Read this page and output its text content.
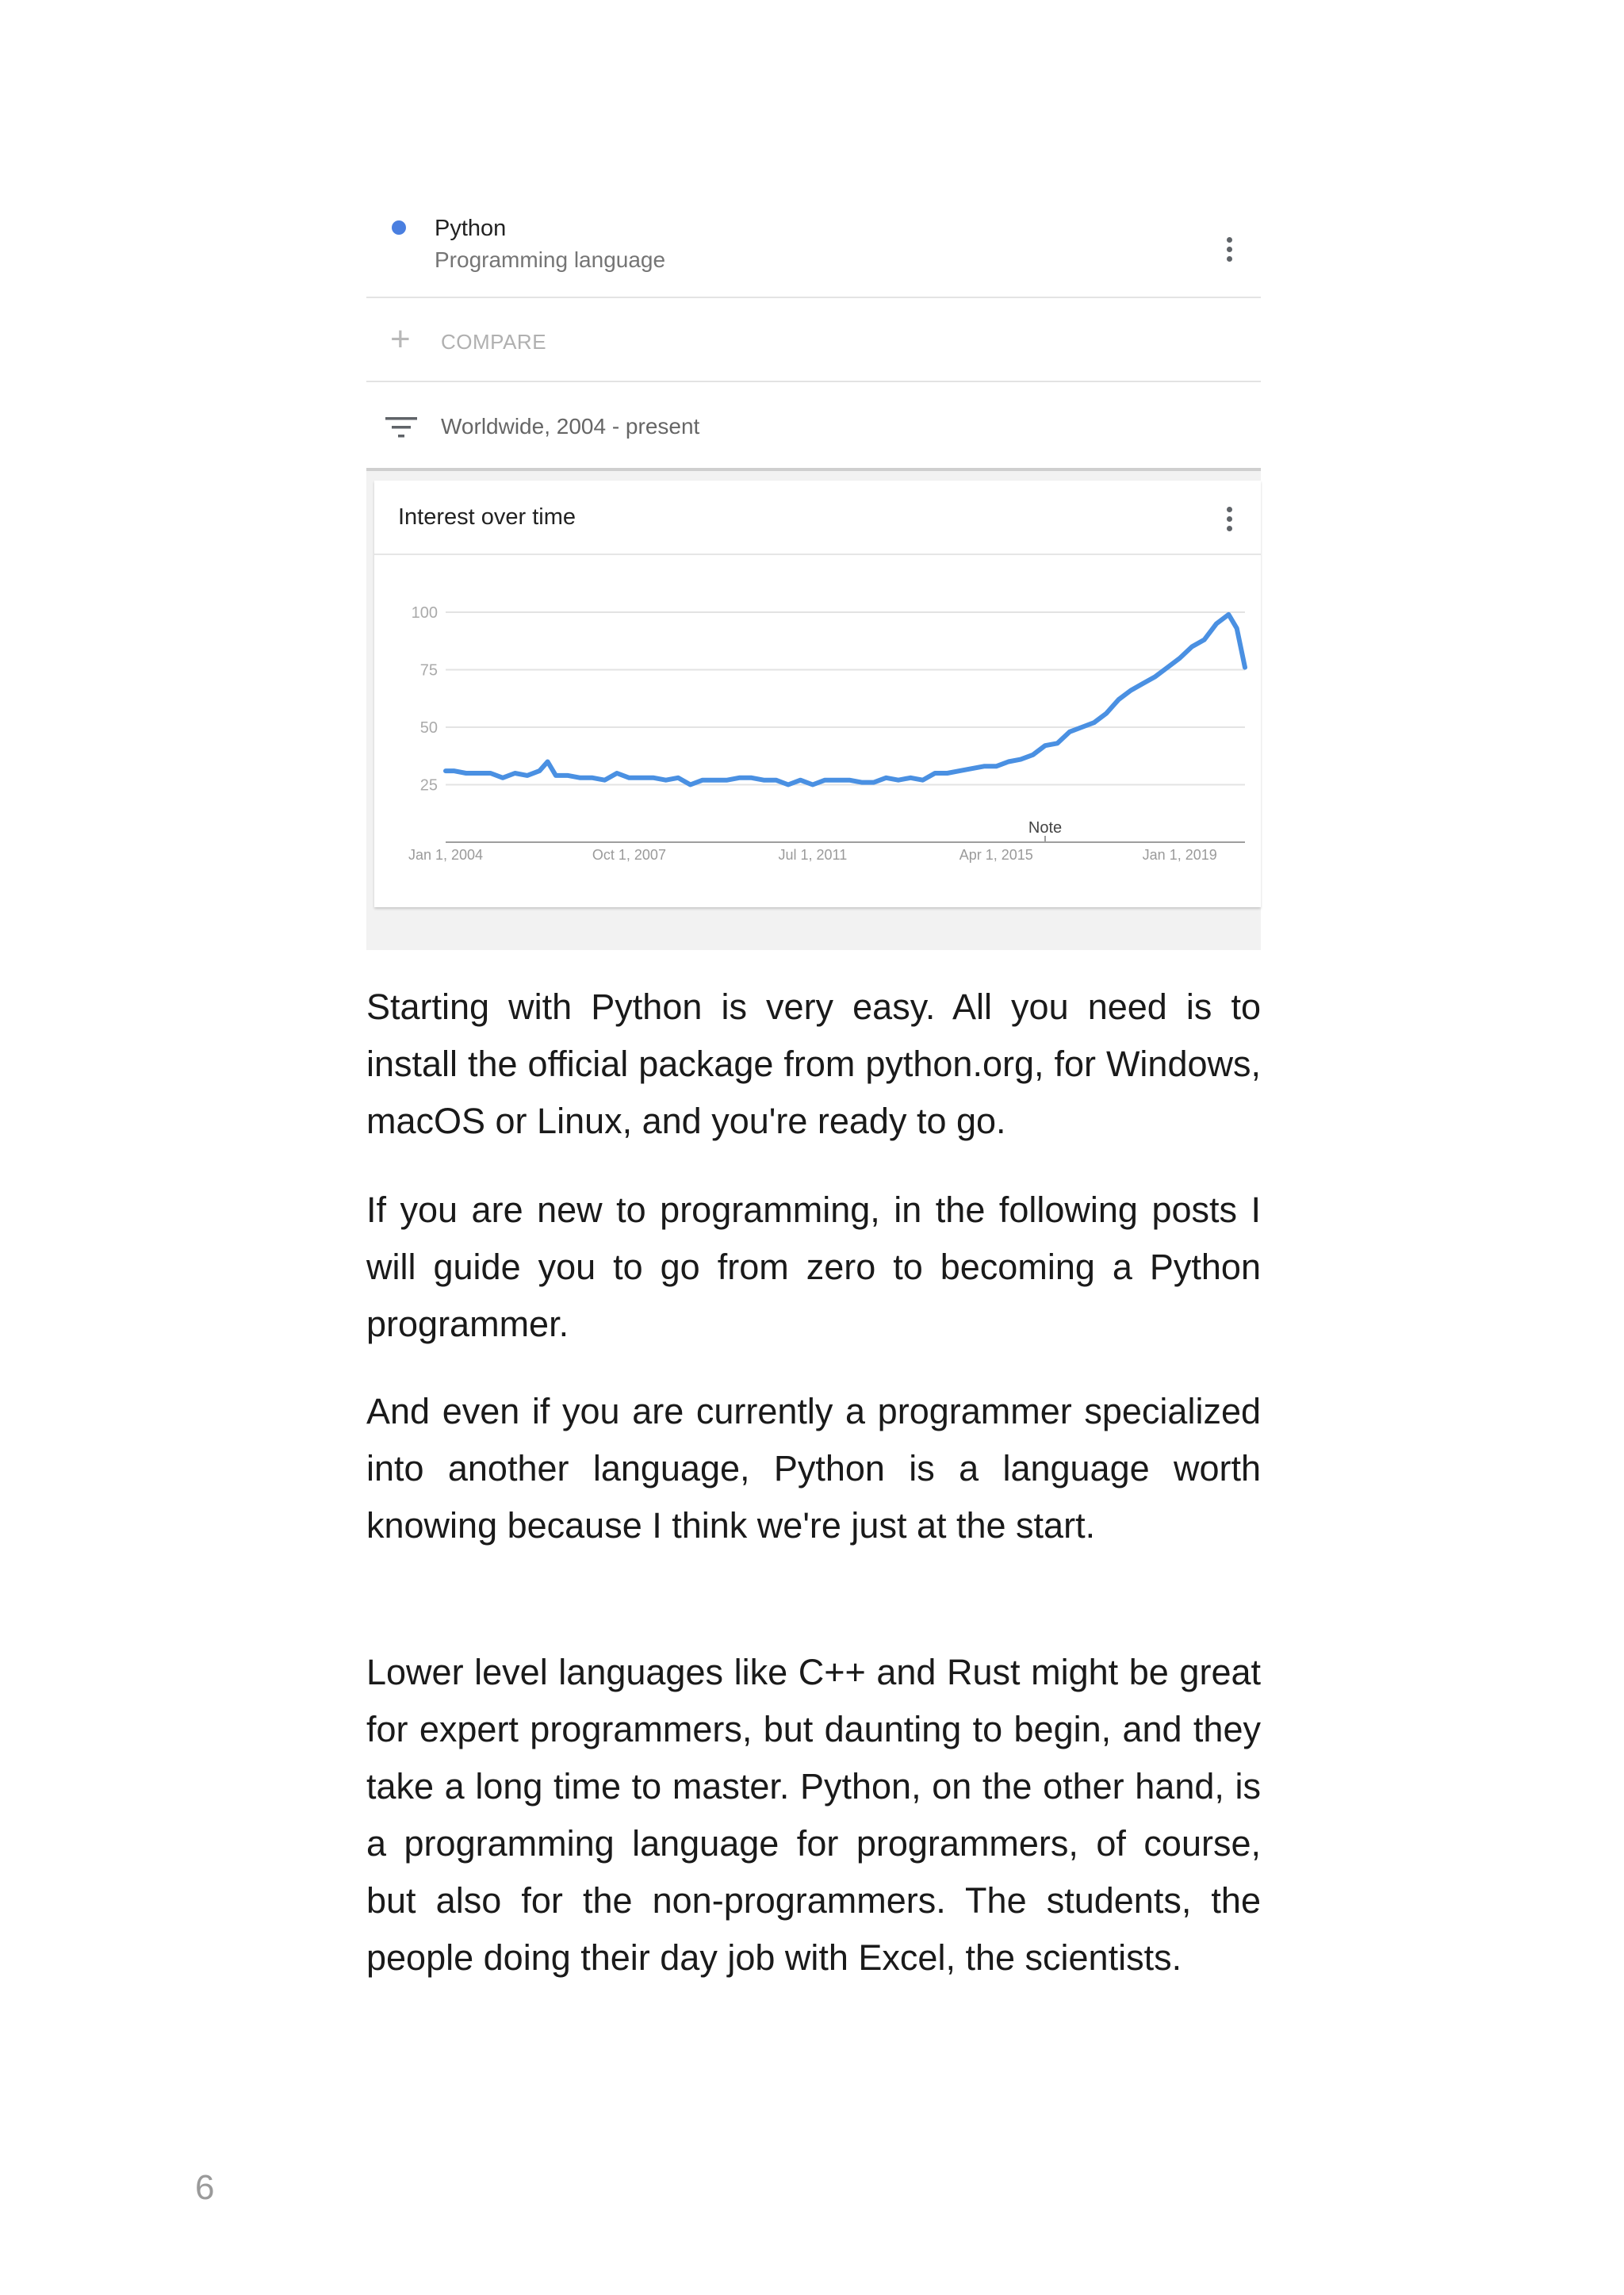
Python
Programming language
+ COMPARE
Worldwide, 2004 - present
Interest over time
100
75
50
25
Jan 1, 2004	Oct 1, 2007	Jul 1, 2011	Apr 1, 2015	Jan 1, 2019
Note

Starting with Python is very easy. All you need is to install the official package from python.org, for Windows, macOS or Linux, and you're ready to go.

If you are new to programming, in the following posts I will guide you to go from zero to becoming a Python programmer.

And even if you are currently a programmer specialized into another language, Python is a language worth knowing because I think we're just at the start.

Lower level languages like C++ and Rust might be great for expert programmers, but daunting to begin, and they take a long time to master. Python, on the other hand, is a programming language for programmers, of course, but also for the non-programmers. The students, the people doing their day job with Excel, the scientists.

6
